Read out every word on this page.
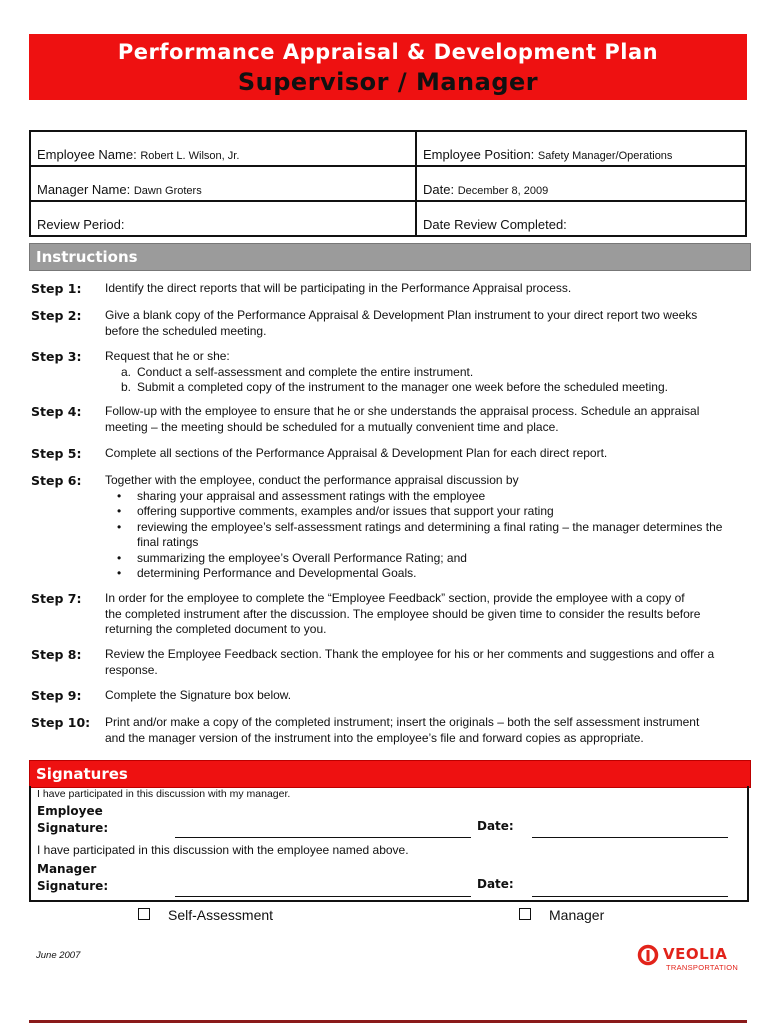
Performance Appraisal & Development Plan
Supervisor / Manager
Employee Name: Robert L. Wilson, Jr.	Employee Position: Safety Manager/Operations
Manager Name: Dawn Groters	Date: December 8, 2009
Review Period:	Date Review Completed:
Instructions
Step 1: Identify the direct reports that will be participating in the Performance Appraisal process.
Step 2: Give a blank copy of the Performance Appraisal & Development Plan instrument to your direct report two weeks
before the scheduled meeting.
Step 3: Request that he or she:
a. Conduct a self-assessment and complete the entire instrument.
b. Submit a completed copy of the instrument to the manager one week before the scheduled meeting.
Step 4: Follow-up with the employee to ensure that he or she understands the appraisal process. Schedule an appraisal
meeting – the meeting should be scheduled for a mutually convenient time and place.
Step 5: Complete all sections of the Performance Appraisal & Development Plan for each direct report.
Step 6: Together with the employee, conduct the performance appraisal discussion by
• sharing your appraisal and assessment ratings with the employee
• offering supportive comments, examples and/or issues that support your rating
• reviewing the employee’s self-assessment ratings and determining a final rating – the manager determines the final ratings
• summarizing the employee’s Overall Performance Rating; and
• determining Performance and Developmental Goals.
Step 7: In order for the employee to complete the “Employee Feedback” section, provide the employee with a copy of
the completed instrument after the discussion. The employee should be given time to consider the results before
returning the completed document to you.
Step 8: Review the Employee Feedback section. Thank the employee for his or her comments and suggestions and offer a
response.
Step 9: Complete the Signature box below.
Step 10: Print and/or make a copy of the completed instrument; insert the originals – both the self assessment instrument
and the manager version of the instrument into the employee’s file and forward copies as appropriate.
Signatures
I have participated in this discussion with my manager.
Employee
Signature:	Date:
I have participated in this discussion with the employee named above.
Manager
Signature:	Date:
Self-Assessment	Manager
June 2007	VEOLIA
TRANSPORTATION
